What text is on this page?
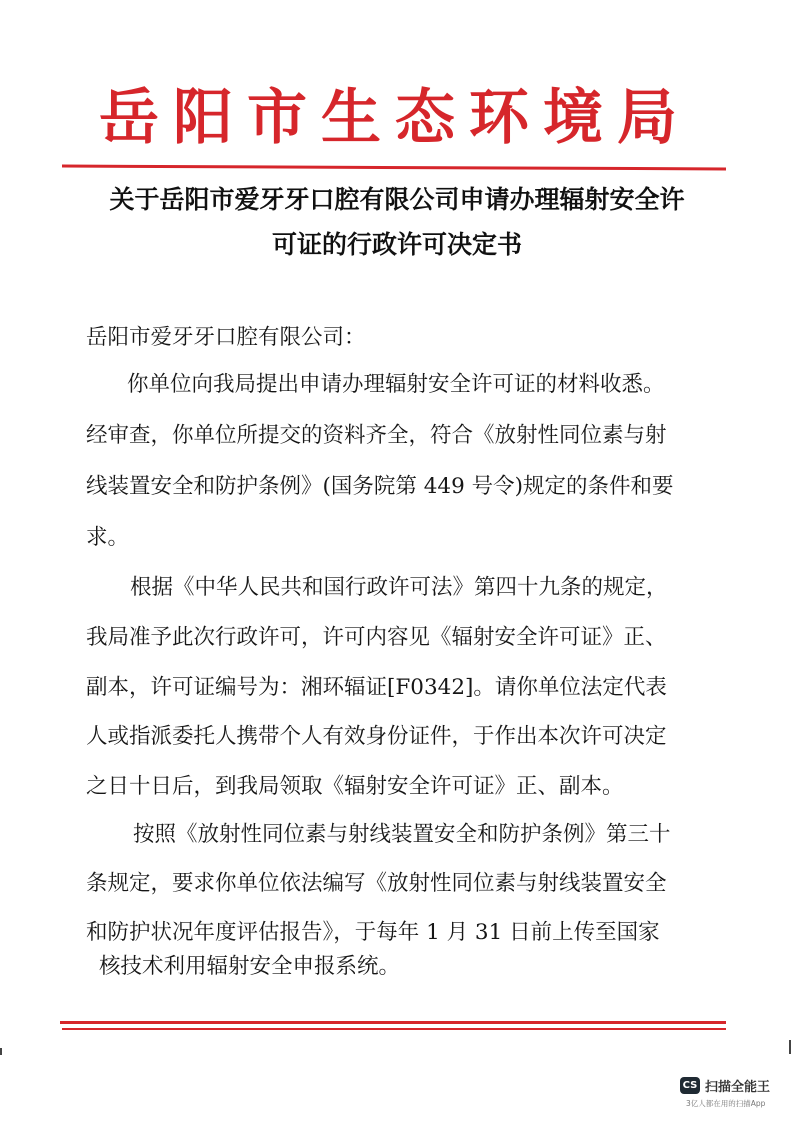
岳阳市生态环境局
关于岳阳市爱牙牙口腔有限公司申请办理辐射安全许
可证的行政许可决定书
岳阳市爱牙牙口腔有限公司：
你单位向我局提出申请办理辐射安全许可证的材料收悉。
经审查，你单位所提交的资料齐全，符合《放射性同位素与射
线装置安全和防护条例》(国务院第 449 号令)规定的条件和要
求。
根据《中华人民共和国行政许可法》第四十九条的规定，
我局准予此次行政许可，许可内容见《辐射安全许可证》正、
副本，许可证编号为：湘环辐证[F0342]。请你单位法定代表
人或指派委托人携带个人有效身份证件，于作出本次许可决定
之日十日后，到我局领取《辐射安全许可证》正、副本。
按照《放射性同位素与射线装置安全和防护条例》第三十
条规定，要求你单位依法编写《放射性同位素与射线装置安全
和防护状况年度评估报告》，于每年 1 月 31 日前上传至国家
核技术利用辐射安全申报系统。
CS 扫描全能王
3亿人都在用的扫描App
